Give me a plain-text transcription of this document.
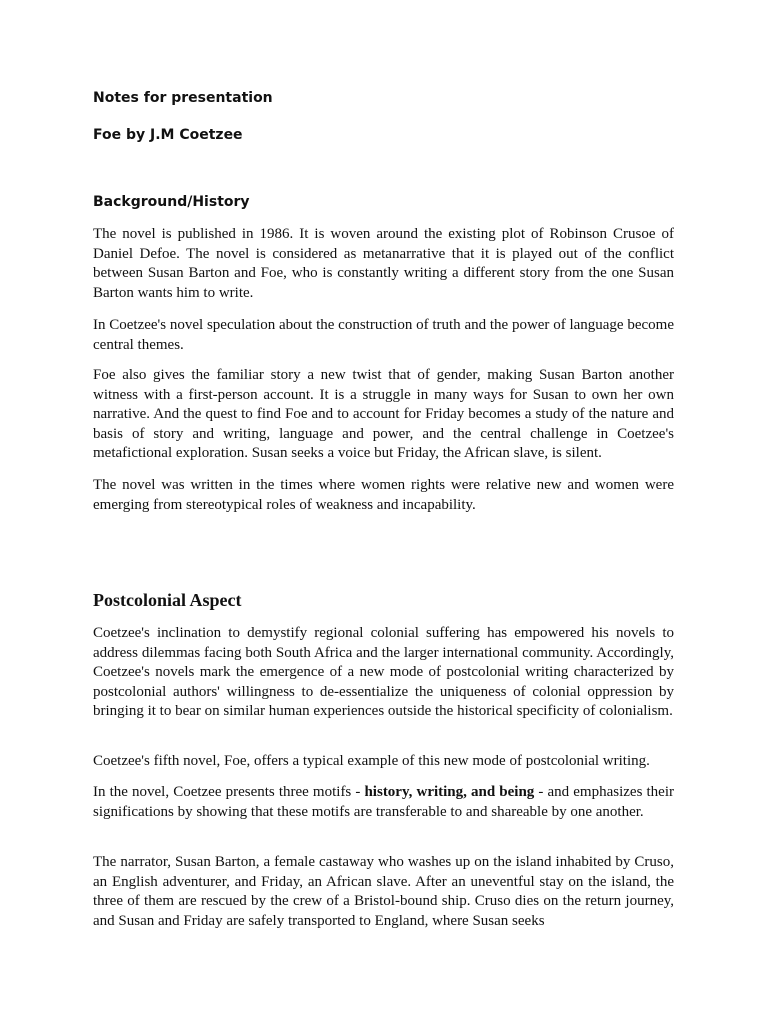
Notes for presentation
Foe by J.M Coetzee
Background/History

The novel is published in 1986. It is woven around the existing plot of Robinson Crusoe of Daniel Defoe. The novel is considered as metanarrative that it is played out of the conflict between Susan Barton and Foe, who is constantly writing a different story from the one Susan Barton wants him to write.

In Coetzee's novel speculation about the construction of truth and the power of language become central themes.

Foe also gives the familiar story a new twist that of gender, making Susan Barton another witness with a first-person account. It is a struggle in many ways for Susan to own her own narrative. And the quest to find Foe and to account for Friday becomes a study of the nature and basis of story and writing, language and power, and the central challenge in Coetzee's metafictional exploration. Susan seeks a voice but Friday, the African slave, is silent.

The novel was written in the times where women rights were relative new and women were emerging from stereotypical roles of weakness and incapability.

Postcolonial Aspect

Coetzee's inclination to demystify regional colonial suffering has empowered his novels to address dilemmas facing both South Africa and the larger international community. Accordingly, Coetzee's novels mark the emergence of a new mode of postcolonial writing characterized by postcolonial authors' willingness to de-essentialize the uniqueness of colonial oppression by bringing it to bear on similar human experiences outside the historical specificity of colonialism.

Coetzee's fifth novel, Foe, offers a typical example of this new mode of postcolonial writing.

In the novel, Coetzee presents three motifs - history, writing, and being - and emphasizes their significations by showing that these motifs are transferable to and shareable by one another.

The narrator, Susan Barton, a female castaway who washes up on the island inhabited by Cruso, an English adventurer, and Friday, an African slave. After an uneventful stay on the island, the three of them are rescued by the crew of a Bristol-bound ship. Cruso dies on the return journey, and Susan and Friday are safely transported to England, where Susan seeks
